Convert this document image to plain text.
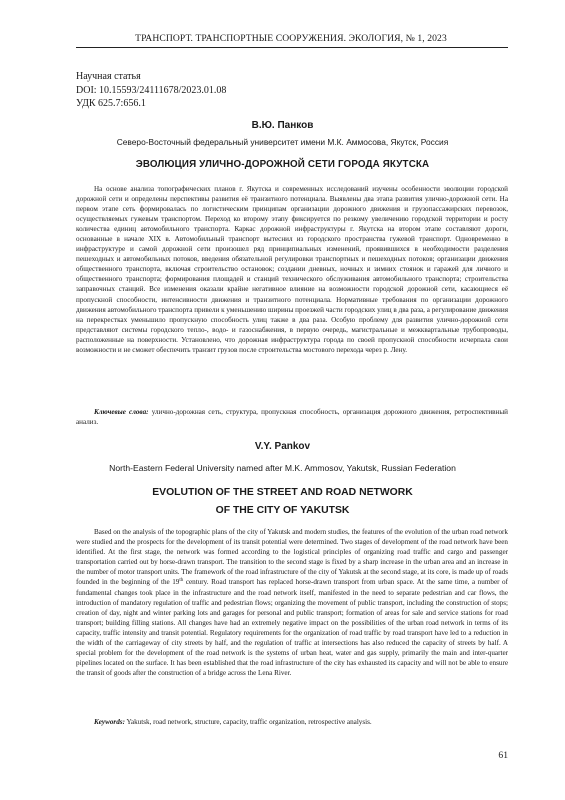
ТРАНСПОРТ. ТРАНСПОРТНЫЕ СООРУЖЕНИЯ. ЭКОЛОГИЯ, № 1, 2023
Научная статья
DOI: 10.15593/24111678/2023.01.08
УДК 625.7:656.1
В.Ю. Панков
Северо-Восточный федеральный университет имени М.К. Аммосова, Якутск, Россия
ЭВОЛЮЦИЯ УЛИЧНО-ДОРОЖНОЙ СЕТИ ГОРОДА ЯКУТСКА

На основе анализа топографических планов г. Якутска и современных исследований изучены особенности эволюции городской дорожной сети и определены перспективы развития её транзитного потенциала. Выявлены два этапа развития улично-дорожной сети. На первом этапе сеть формировалась по логистическим принципам организации дорожного движения и грузопассажирских перевозок, осуществляемых гужевым транспортом. Переход ко второму этапу фиксируется по резкому увеличению городской территории и росту количества единиц автомобильного транспорта. Каркас дорожной инфраструктуры г. Якутска на втором этапе составляют дороги, основанные в начале XIX в. Автомобильный транспорт вытеснил из городского пространства гужевой транспорт. Одновременно в инфраструктуре и самой дорожной сети произошел ряд принципиальных изменений, проявившихся в необходимости разделения пешеходных и автомобильных потоков, введения обязательной регулировки транспортных и пешеходных потоков; организации движения общественного транспорта, включая строительство остановок; создании дневных, ночных и зимних стоянок и гаражей для личного и общественного транспорта; формирования площадей и станций технического обслуживания автомобильного транспорта; строительства заправочных станций. Все изменения оказали крайне негативное влияние на возможности городской дорожной сети, касающиеся её пропускной способности, интенсивности движения и транзитного потенциала. Нормативные требования по организации дорожного движения автомобильного транспорта привели к уменьшению ширины проезжей части городских улиц в два раза, а регулирование движения на перекрестках уменьшило пропускную способность улиц также в два раза. Особую проблему для развития улично-дорожной сети представляют системы городского тепло-, водо- и газоснабжения, в первую очередь, магистральные и межквартальные трубопроводы, расположенные на поверхности. Установлено, что дорожная инфраструктура города по своей пропускной способности исчерпала свои возможности и не сможет обеспечить транзит грузов после строительства мостового перехода через р. Лену.

Ключевые слова: улично-дорожная сеть, структура, пропускная способность, организация дорожного движения, ретроспективный анализ.

V.Y. Pankov
North-Eastern Federal University named after M.K. Ammosov, Yakutsk, Russian Federation
EVOLUTION OF THE STREET AND ROAD NETWORK
OF THE CITY OF YAKUTSK

Based on the analysis of the topographic plans of the city of Yakutsk and modern studies, the features of the evolution of the urban road network were studied and the prospects for the development of its transit potential were determined. Two stages of development of the road network have been identified. At the first stage, the network was formed according to the logistical principles of organizing road traffic and cargo and passenger transportation carried out by horse-drawn transport. The transition to the second stage is fixed by a sharp increase in the urban area and an increase in the number of motor transport units. The framework of the road infrastructure of the city of Yakutsk at the second stage, at its core, is made up of roads founded in the beginning of the 19th century. Road transport has replaced horse-drawn transport from urban space. At the same time, a number of fundamental changes took place in the infrastructure and the road network itself, manifested in the need to separate pedestrian and car flows, the introduction of mandatory regulation of traffic and pedestrian flows; organizing the movement of public transport, including the construction of stops; creation of day, night and winter parking lots and garages for personal and public transport; formation of areas for sale and service stations for road transport; building filling stations. All changes have had an extremely negative impact on the possibilities of the urban road network in terms of its capacity, traffic intensity and transit potential. Regulatory requirements for the organization of road traffic by road transport have led to a reduction in the width of the carriageway of city streets by half, and the regulation of traffic at intersections has also reduced the capacity of streets by half. A special problem for the development of the road network is the systems of urban heat, water and gas supply, primarily the main and inter-quarter pipelines located on the surface. It has been established that the road infrastructure of the city has exhausted its capacity and will not be able to ensure the transit of goods after the construction of a bridge across the Lena River.

Keywords: Yakutsk, road network, structure, capacity, traffic organization, retrospective analysis.

61
